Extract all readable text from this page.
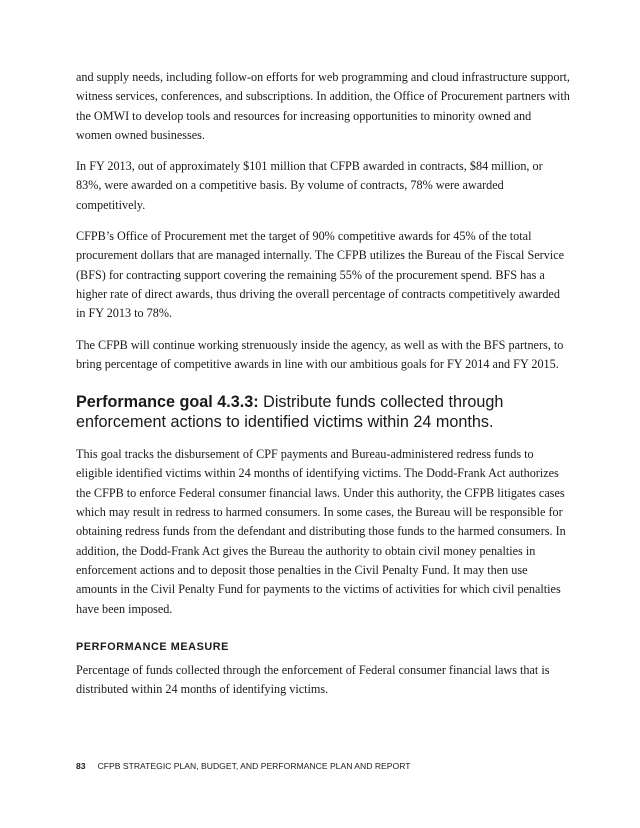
and supply needs, including follow-on efforts for web programming and cloud infrastructure support, witness services, conferences, and subscriptions. In addition, the Office of Procurement partners with the OMWI to develop tools and resources for increasing opportunities to minority owned and women owned businesses.

In FY 2013, out of approximately $101 million that CFPB awarded in contracts, $84 million, or 83%, were awarded on a competitive basis. By volume of contracts, 78% were awarded competitively.

CFPB’s Office of Procurement met the target of 90% competitive awards for 45% of the total procurement dollars that are managed internally. The CFPB utilizes the Bureau of the Fiscal Service (BFS) for contracting support covering the remaining 55% of the procurement spend. BFS has a higher rate of direct awards, thus driving the overall percentage of contracts competitively awarded in FY 2013 to 78%.

The CFPB will continue working strenuously inside the agency, as well as with the BFS partners, to bring percentage of competitive awards in line with our ambitious goals for FY 2014 and FY 2015.

Performance goal 4.3.3: Distribute funds collected through enforcement actions to identified victims within 24 months.

This goal tracks the disbursement of CPF payments and Bureau-administered redress funds to eligible identified victims within 24 months of identifying victims. The Dodd-Frank Act authorizes the CFPB to enforce Federal consumer financial laws. Under this authority, the CFPB litigates cases which may result in redress to harmed consumers. In some cases, the Bureau will be responsible for obtaining redress funds from the defendant and distributing those funds to the harmed consumers. In addition, the Dodd-Frank Act gives the Bureau the authority to obtain civil money penalties in enforcement actions and to deposit those penalties in the Civil Penalty Fund. It may then use amounts in the Civil Penalty Fund for payments to the victims of activities for which civil penalties have been imposed.

PERFORMANCE MEASURE

Percentage of funds collected through the enforcement of Federal consumer financial laws that is distributed within 24 months of identifying victims.

83 CFPB STRATEGIC PLAN, BUDGET, AND PERFORMANCE PLAN AND REPORT
